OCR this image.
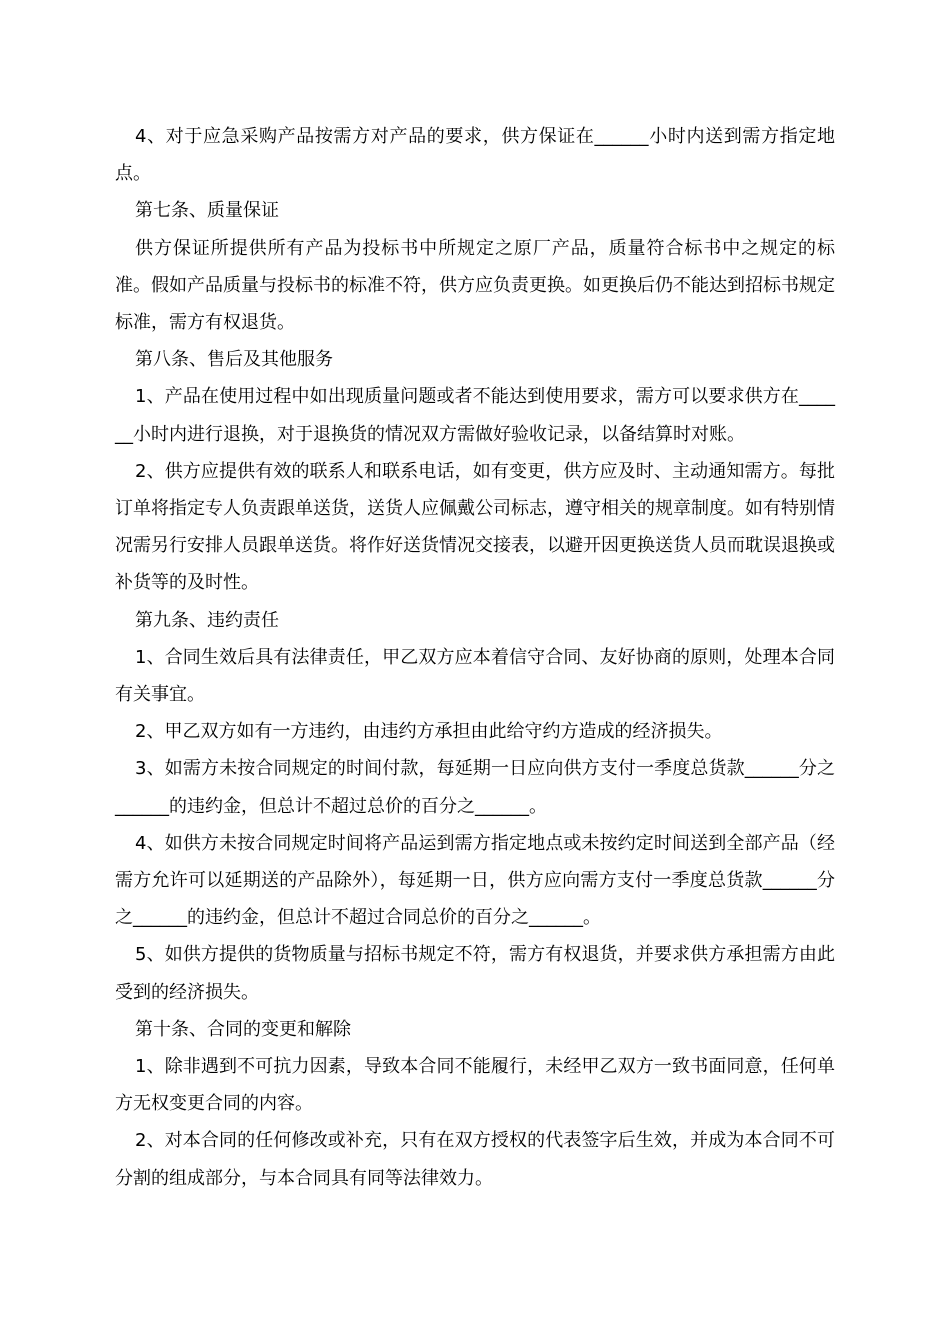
4、对于应急采购产品按需方对产品的要求，供方保证在______小时内送到需方指定地点。

第七条、质量保证

供方保证所提供所有产品为投标书中所规定之原厂产品，质量符合标书中之规定的标准。假如产品质量与投标书的标准不符，供方应负责更换。如更换后仍不能达到招标书规定标准，需方有权退货。

第八条、售后及其他服务

1、产品在使用过程中如出现质量问题或者不能达到使用要求，需方可以要求供方在______小时内进行退换，对于退换货的情况双方需做好验收记录，以备结算时对账。

2、供方应提供有效的联系人和联系电话，如有变更，供方应及时、主动通知需方。每批订单将指定专人负责跟单送货，送货人应佩戴公司标志，遵守相关的规章制度。如有特别情况需另行安排人员跟单送货。将作好送货情况交接表，以避开因更换送货人员而耽误退换或补货等的及时性。

第九条、违约责任

1、合同生效后具有法律责任，甲乙双方应本着信守合同、友好协商的原则，处理本合同有关事宜。

2、甲乙双方如有一方违约，由违约方承担由此给守约方造成的经济损失。

3、如需方未按合同规定的时间付款，每延期一日应向供方支付一季度总货款______分之______的违约金，但总计不超过总价的百分之______。

4、如供方未按合同规定时间将产品运到需方指定地点或未按约定时间送到全部产品（经需方允许可以延期送的产品除外），每延期一日，供方应向需方支付一季度总货款______分之______的违约金，但总计不超过合同总价的百分之______。

5、如供方提供的货物质量与招标书规定不符，需方有权退货，并要求供方承担需方由此受到的经济损失。

第十条、合同的变更和解除

1、除非遇到不可抗力因素，导致本合同不能履行，未经甲乙双方一致书面同意，任何单方无权变更合同的内容。

2、对本合同的任何修改或补充，只有在双方授权的代表签字后生效，并成为本合同不可分割的组成部分，与本合同具有同等法律效力。
